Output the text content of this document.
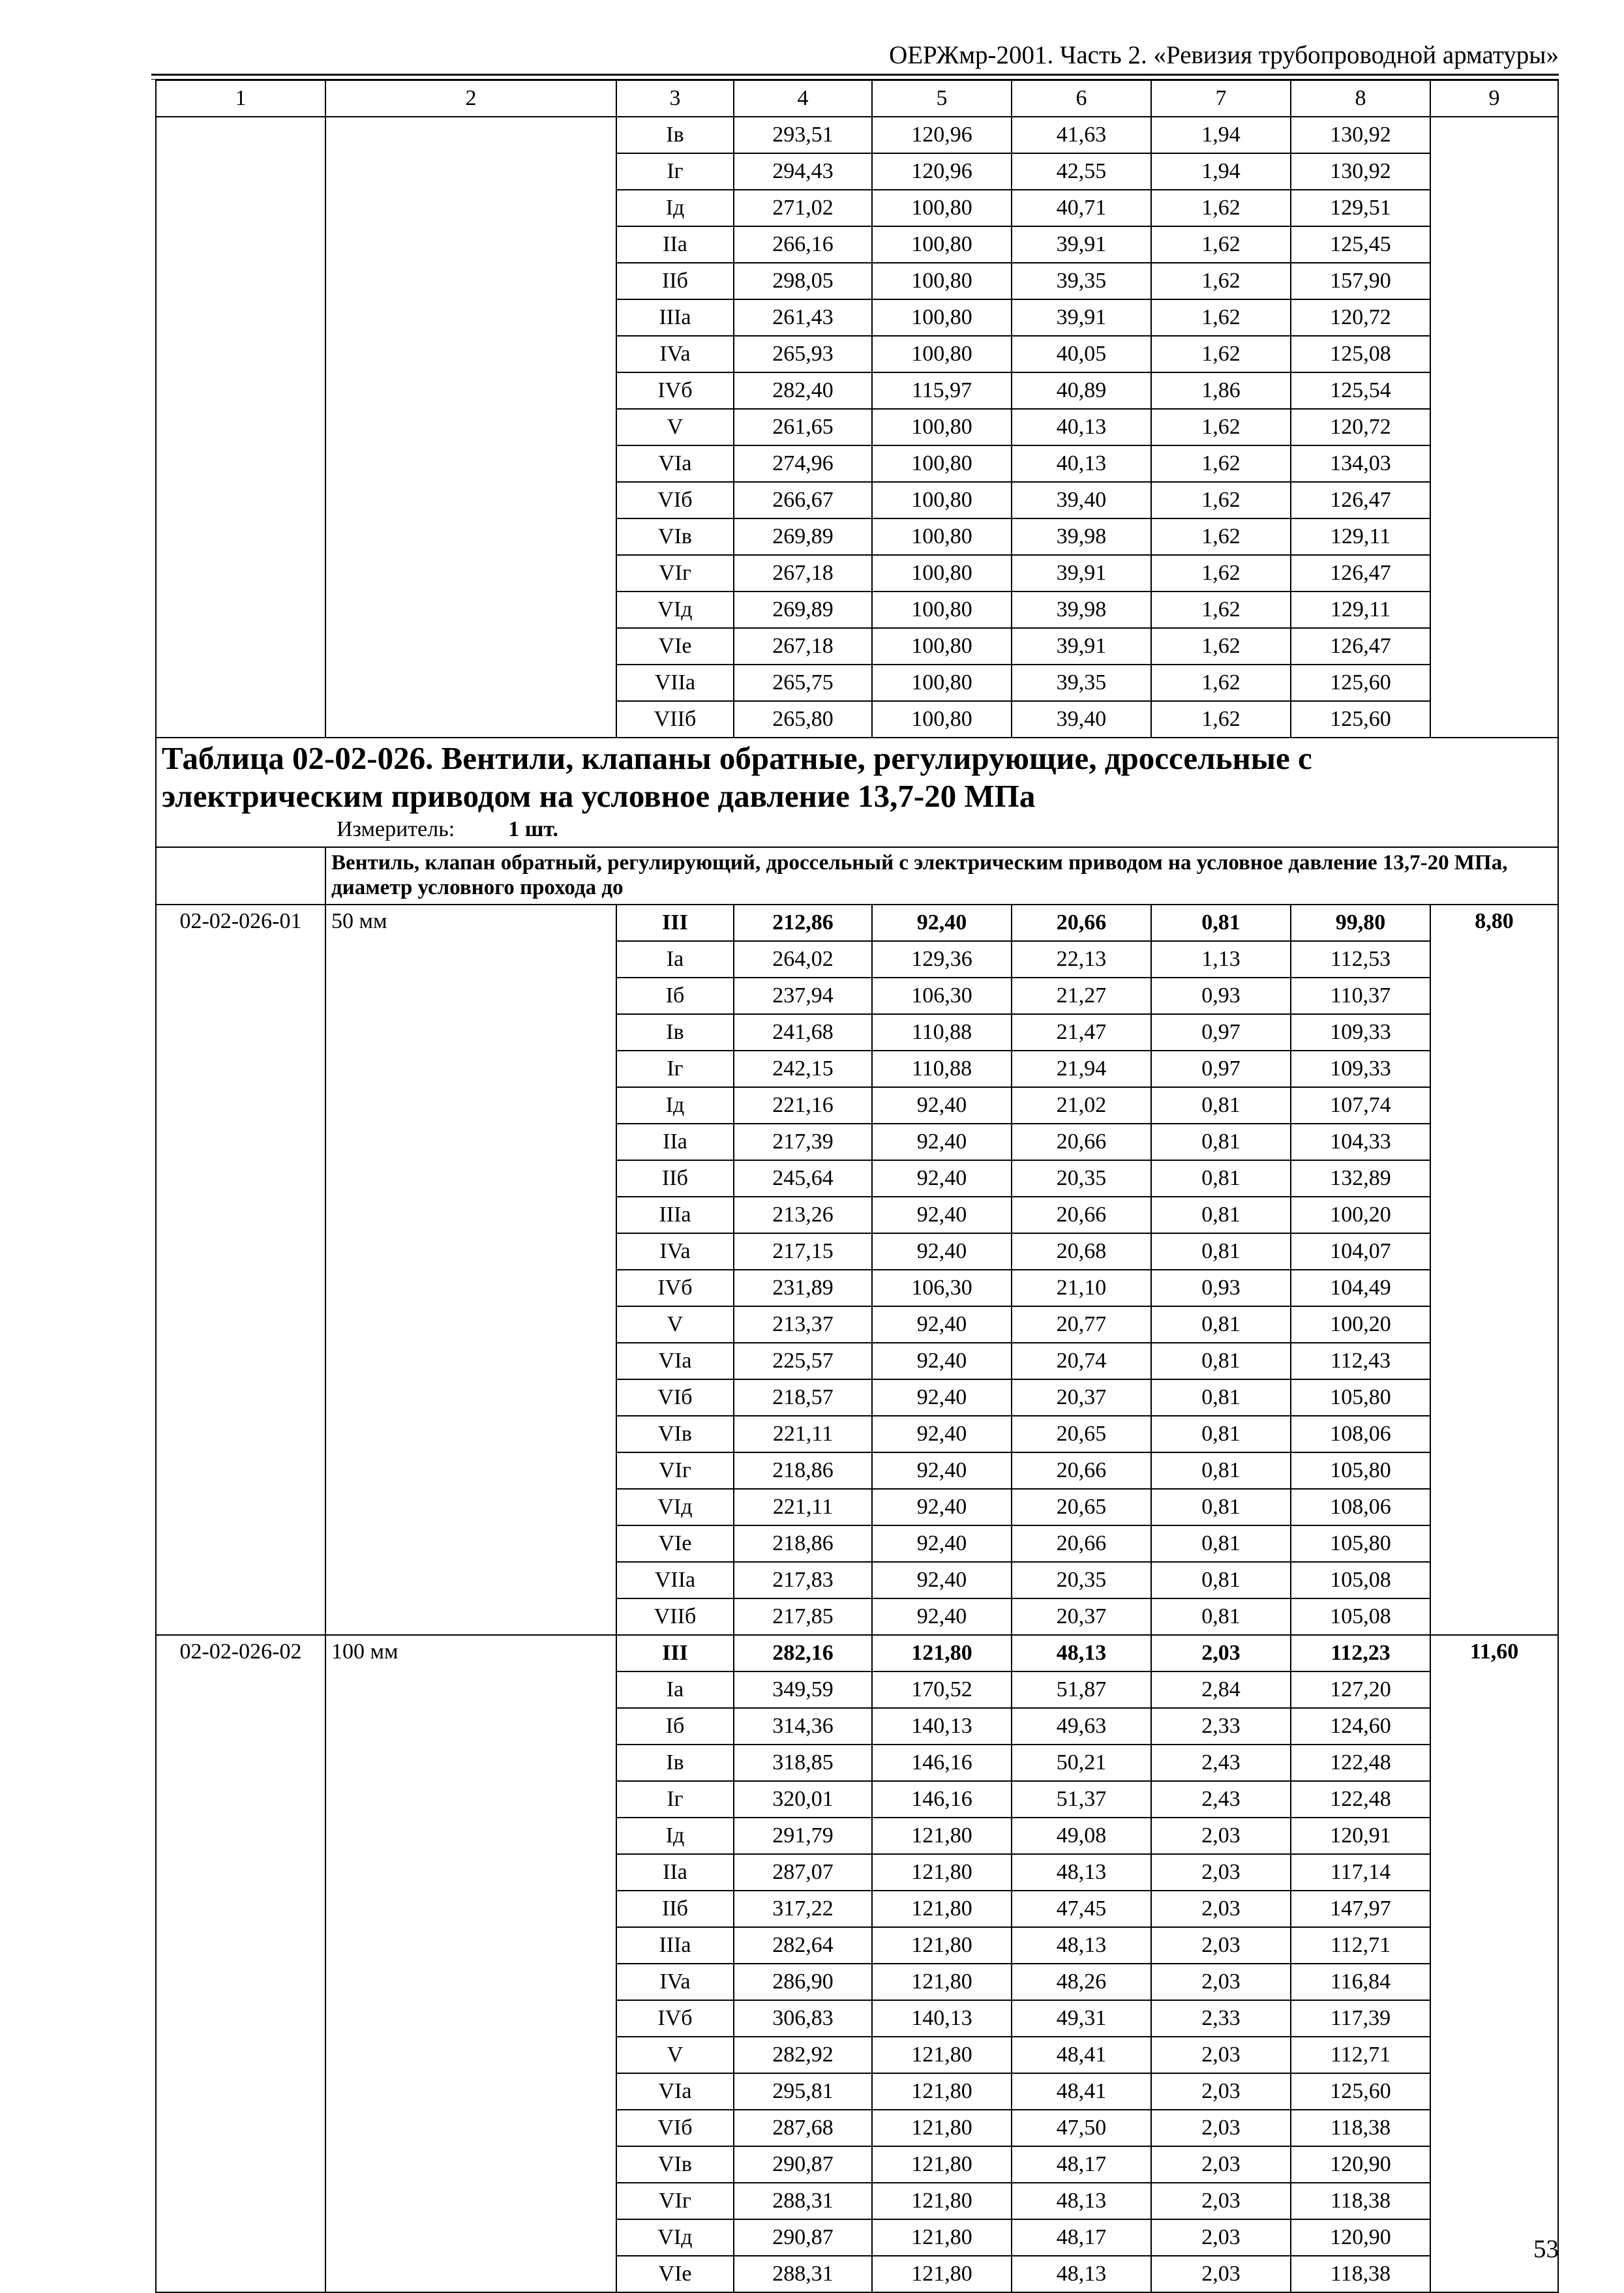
ОЕРЖмр-2001. Часть 2. «Ревизия трубопроводной арматуры»
1	2	3	4	5	6	7	8	9
		Iв	293,51	120,96	41,63	1,94	130,92	
		Iг	294,43	120,96	42,55	1,94	130,92	
		Iд	271,02	100,80	40,71	1,62	129,51	
		IIa	266,16	100,80	39,91	1,62	125,45	
		IIб	298,05	100,80	39,35	1,62	157,90	
		IIIa	261,43	100,80	39,91	1,62	120,72	
		IVa	265,93	100,80	40,05	1,62	125,08	
		IVб	282,40	115,97	40,89	1,86	125,54	
		V	261,65	100,80	40,13	1,62	120,72	
		VIa	274,96	100,80	40,13	1,62	134,03	
		VIб	266,67	100,80	39,40	1,62	126,47	
		VIв	269,89	100,80	39,98	1,62	129,11	
		VIг	267,18	100,80	39,91	1,62	126,47	
		VIд	269,89	100,80	39,98	1,62	129,11	
		VIe	267,18	100,80	39,91	1,62	126,47	
		VIIa	265,75	100,80	39,35	1,62	125,60	
		VIIб	265,80	100,80	39,40	1,62	125,60	

Таблица 02-02-026. Вентили, клапаны обратные, регулирующие, дроссельные с
электрическим приводом на условное давление 13,7-20 МПа
Измеритель: 1 шт.								

	Вентиль, клапан обратный, регулирующий, дроссельный с электрическим приводом на условное давление 13,7-20 МПа, диаметр условного прохода до							
02-02-026-01	50 мм	III	212,86	92,40	20,66	0,81	99,80	8,80
		Ia	264,02	129,36	22,13	1,13	112,53	
		Iб	237,94	106,30	21,27	0,93	110,37	
		Iв	241,68	110,88	21,47	0,97	109,33	
		Iг	242,15	110,88	21,94	0,97	109,33	
		Iд	221,16	92,40	21,02	0,81	107,74	
		IIa	217,39	92,40	20,66	0,81	104,33	
		IIб	245,64	92,40	20,35	0,81	132,89	
		IIIa	213,26	92,40	20,66	0,81	100,20	
		IVa	217,15	92,40	20,68	0,81	104,07	
		IVб	231,89	106,30	21,10	0,93	104,49	
		V	213,37	92,40	20,77	0,81	100,20	
		VIa	225,57	92,40	20,74	0,81	112,43	
		VIб	218,57	92,40	20,37	0,81	105,80	
		VIв	221,11	92,40	20,65	0,81	108,06	
		VIг	218,86	92,40	20,66	0,81	105,80	
		VIд	221,11	92,40	20,65	0,81	108,06	
		VIe	218,86	92,40	20,66	0,81	105,80	
		VIIa	217,83	92,40	20,35	0,81	105,08	
		VIIб	217,85	92,40	20,37	0,81	105,08	
02-02-026-02	100 мм	III	282,16	121,80	48,13	2,03	112,23	11,60
		Ia	349,59	170,52	51,87	2,84	127,20	
		Iб	314,36	140,13	49,63	2,33	124,60	
		Iв	318,85	146,16	50,21	2,43	122,48	
		Iг	320,01	146,16	51,37	2,43	122,48	
		Iд	291,79	121,80	49,08	2,03	120,91	
		IIa	287,07	121,80	48,13	2,03	117,14	
		IIб	317,22	121,80	47,45	2,03	147,97	
		IIIa	282,64	121,80	48,13	2,03	112,71	
		IVa	286,90	121,80	48,26	2,03	116,84	
		IVб	306,83	140,13	49,31	2,33	117,39	
		V	282,92	121,80	48,41	2,03	112,71	
		VIa	295,81	121,80	48,41	2,03	125,60	
		VIб	287,68	121,80	47,50	2,03	118,38	
		VIв	290,87	121,80	48,17	2,03	120,90	
		VIг	288,31	121,80	48,13	2,03	118,38	
		VIд	290,87	121,80	48,17	2,03	120,90	
		VIe	288,31	121,80	48,13	2,03	118,38	
53
